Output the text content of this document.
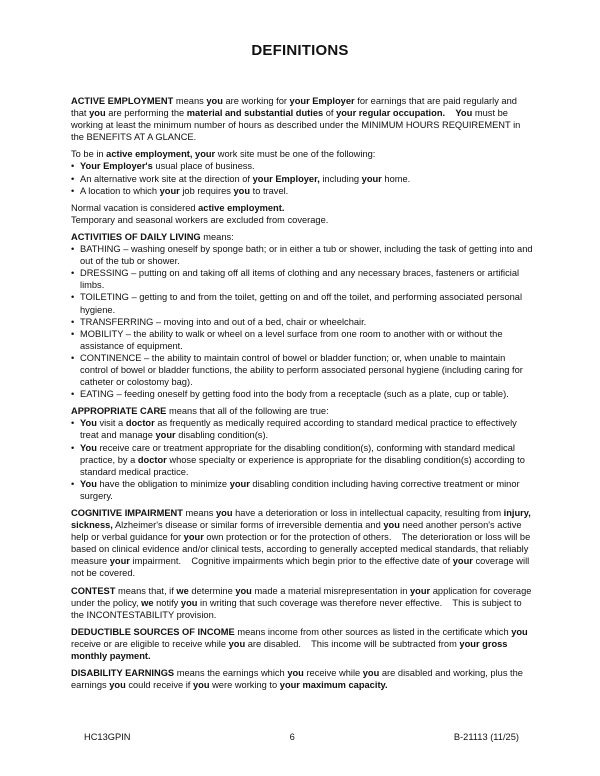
DEFINITIONS

ACTIVE EMPLOYMENT means you are working for your Employer for earnings that are paid regularly and that you are performing the material and substantial duties of your regular occupation. You must be working at least the minimum number of hours as described under the MINIMUM HOURS REQUIREMENT in the BENEFITS AT A GLANCE.

To be in active employment, your work site must be one of the following:

• Your Employer's usual place of business.
• An alternative work site at the direction of your Employer, including your home.
• A location to which your job requires you to travel.

Normal vacation is considered active employment.

Temporary and seasonal workers are excluded from coverage.

ACTIVITIES OF DAILY LIVING means:

• BATHING – washing oneself by sponge bath; or in either a tub or shower, including the task of getting into and out of the tub or shower.
• DRESSING – putting on and taking off all items of clothing and any necessary braces, fasteners or artificial limbs.
• TOILETING – getting to and from the toilet, getting on and off the toilet, and performing associated personal hygiene.
• TRANSFERRING – moving into and out of a bed, chair or wheelchair.
• MOBILITY – the ability to walk or wheel on a level surface from one room to another with or without the assistance of equipment.
• CONTINENCE – the ability to maintain control of bowel or bladder function; or, when unable to maintain control of bowel or bladder functions, the ability to perform associated personal hygiene (including caring for catheter or colostomy bag).
• EATING – feeding oneself by getting food into the body from a receptacle (such as a plate, cup or table).

APPROPRIATE CARE means that all of the following are true:

• You visit a doctor as frequently as medically required according to standard medical practice to effectively treat and manage your disabling condition(s).
• You receive care or treatment appropriate for the disabling condition(s), conforming with standard medical practice, by a doctor whose specialty or experience is appropriate for the disabling condition(s) according to standard medical practice.
• You have the obligation to minimize your disabling condition including having corrective treatment or minor surgery.

COGNITIVE IMPAIRMENT means you have a deterioration or loss in intellectual capacity, resulting from injury, sickness, Alzheimer's disease or similar forms of irreversible dementia and you need another person's active help or verbal guidance for your own protection or for the protection of others.    The deterioration or loss will be based on clinical evidence and/or clinical tests, according to generally accepted medical standards, that reliably measure your impairment.    Cognitive impairments which begin prior to the effective date of your coverage will not be covered.

CONTEST means that, if we determine you made a material misrepresentation in your application for coverage under the policy, we notify you in writing that such coverage was therefore never effective.    This is subject to the INCONTESTABILITY provision.

DEDUCTIBLE SOURCES OF INCOME means income from other sources as listed in the certificate which you receive or are eligible to receive while you are disabled.    This income will be subtracted from your gross monthly payment.

DISABILITY EARNINGS means the earnings which you receive while you are disabled and working, plus the earnings you could receive if you were working to your maximum capacity.

HC13GPIN	6	B-21113 (11/25)
